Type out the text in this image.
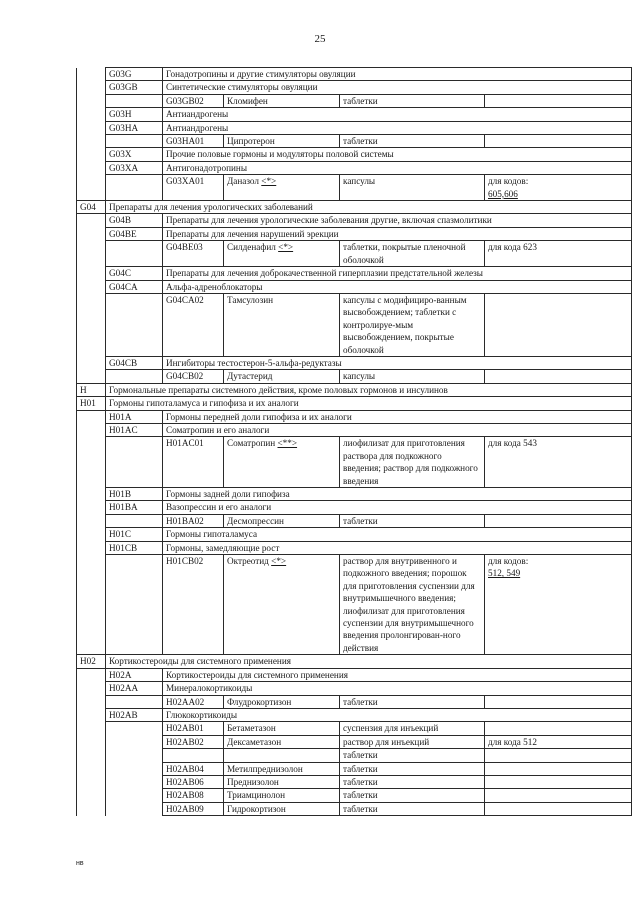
25
	G03G	Гонадотропины и другие стимуляторы овуляции			
	G03GB	Синтетические стимуляторы овуляции			
		G03GB02	Кломифен	таблетки	
	G03H	Антиандрогены			
	G03HA	Антиандрогены			
		G03HA01	Ципротерон	таблетки	
	G03X	Прочие половые гормоны и модуляторы половой системы			
	G03XA	Антигонадотропины			
		G03XA01	Даназол <*>	капсулы	для кодов:
605,606
G04	Препараты для лечения урологических заболеваний				
	G04B	Препараты для лечения урологические заболевания другие, включая спазмолитики			
	G04BE	Препараты для лечения нарушений эрекции			
		G04BE03	Силденафил <*>	таблетки, покрытые пленочной оболочкой	для кода 623
	G04C	Препараты для лечения доброкачественной гиперплазии предстательной железы			
	G04CA	Альфа-адреноблокаторы			
		G04CA02	Тамсулозин	капсулы с модифициро-ванным высвобождением; таблетки с контролируе-мым высвобождением, покрытые оболочкой	
	G04CB	Ингибиторы тестостерон-5-альфа-редуктазы			
		G04CB02	Дутастерид	капсулы	
H	Гормональные препараты системного действия, кроме половых гормонов и инсулинов				
H01	Гормоны гипоталамуса и гипофиза и их аналоги				
	H01A	Гормоны передней доли гипофиза и их аналоги			
	H01AC	Соматропин и его аналоги			
		H01AC01	Соматропин <**>	лиофилизат для приготовления раствора для подкожного введения; раствор для подкожного введения	для кода 543
	H01B	Гормоны задней доли гипофиза			
	H01BA	Вазопрессин и его аналоги			
		H01BA02	Десмопрессин	таблетки	
	H01C	Гормоны гипоталамуса			
	H01CB	Гормоны, замедляющие рост			
		H01CB02	Октреотид <*>	раствор для внутривенного и подкожного введения; порошок для приготовления суспензии для внутримышечного введения; лиофилизат для приготовления суспензии для внутримышечного введения пролонгирован-ного действия	для кодов:
512, 549
H02	Кортикостероиды для системного применения				
	H02A	Кортикостероиды для системного применения			
	H02AA	Минералокортикоиды			
		H02AA02	Флудрокортизон	таблетки	
	H02AB	Глюкокортикоиды			
		H02AB01	Бетаметазон	суспензия для инъекций	
		H02AB02	Дексаметазон	раствор для инъекций	для кода 512
				таблетки	
		H02AB04	Метилпреднизолон	таблетки	
		H02AB06	Преднизолон	таблетки	
		H02AB08	Триамцинолон	таблетки	
		H02AB09	Гидрокортизон	таблетки	
нв
